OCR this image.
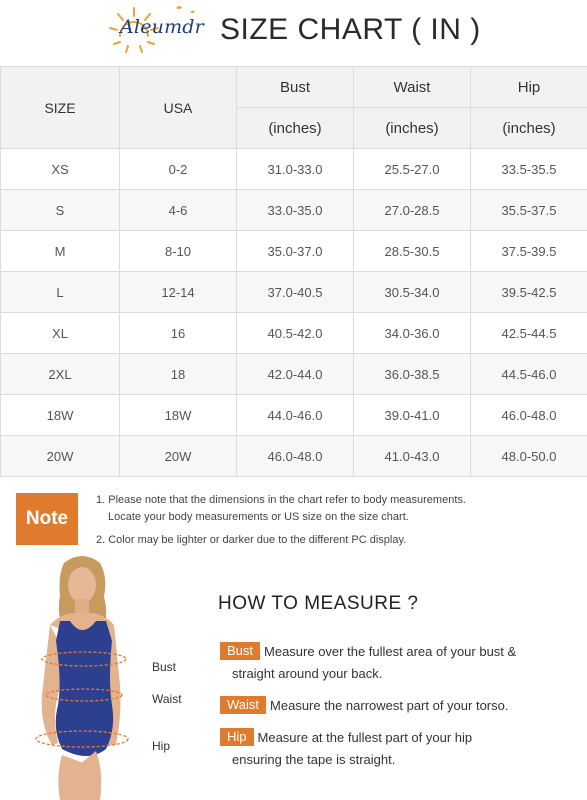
Aleumdr SIZE CHART ( IN )
SIZE	USA	Bust	Waist	Hip
		(inches)	(inches)	(inches)
XS	0-2	31.0-33.0	25.5-27.0	33.5-35.5
S	4-6	33.0-35.0	27.0-28.5	35.5-37.5
M	8-10	35.0-37.0	28.5-30.5	37.5-39.5
L	12-14	37.0-40.5	30.5-34.0	39.5-42.5
XL	16	40.5-42.0	34.0-36.0	42.5-44.5
2XL	18	42.0-44.0	36.0-38.5	44.5-46.0
18W	18W	44.0-46.0	39.0-41.0	46.0-48.0
20W	20W	46.0-48.0	41.0-43.0	48.0-50.0
Note
1. Please note that the dimensions in the chart refer to body measurements.
Locate your body measurements or US size on the size chart.
2. Color may be lighter or darker due to the different PC display.
Bust
Waist
Hip
HOW TO MEASURE ?
Bust Measure over the fullest area of your bust &
straight around your back.
Waist Measure the narrowest part of your torso.
Hip Measure at the fullest part of your hip
ensuring the tape is straight.
